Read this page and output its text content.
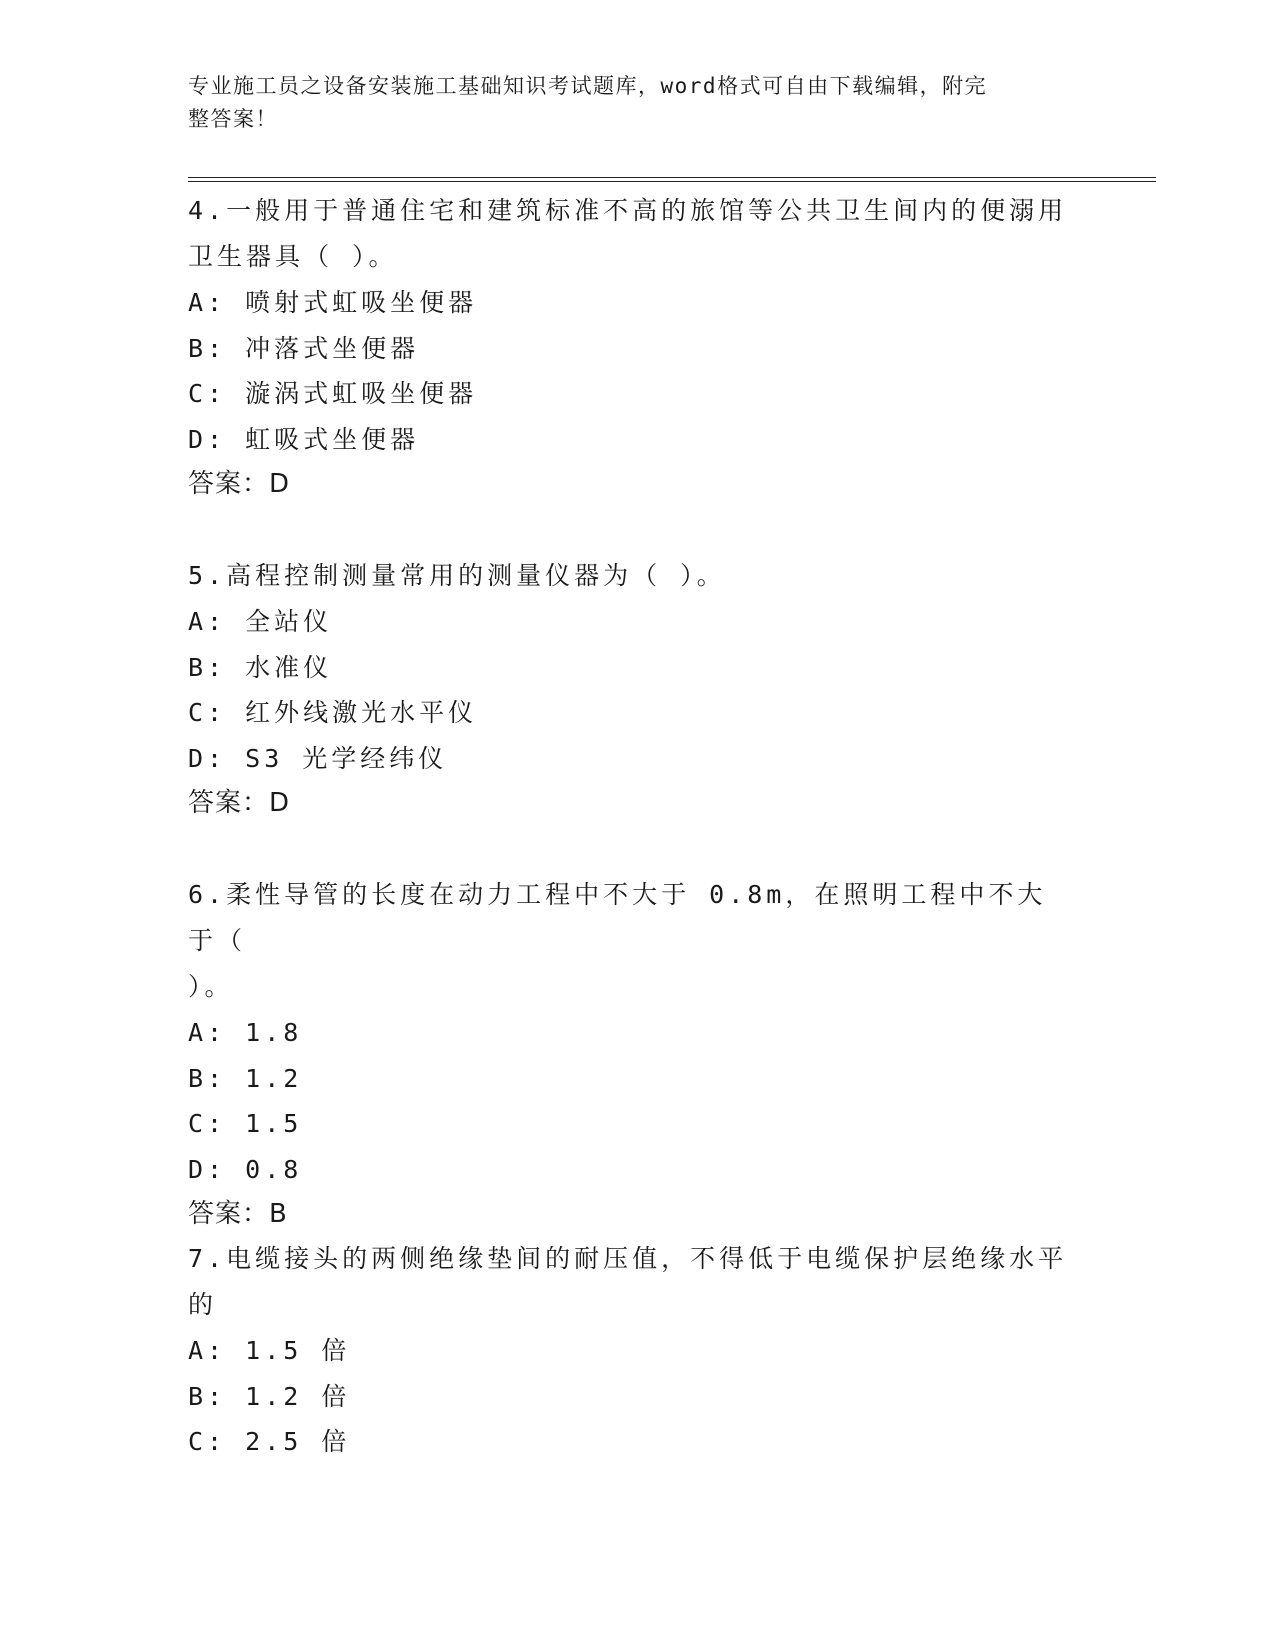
专业施工员之设备安装施工基础知识考试题库，word格式可自由下载编辑，附完
整答案！
4.一般用于普通住宅和建筑标准不高的旅馆等公共卫生间内的便溺用
卫生器具（ ）。
A: 喷射式虹吸坐便器
B: 冲落式坐便器
C: 漩涡式虹吸坐便器
D: 虹吸式坐便器
答案：D
5.高程控制测量常用的测量仪器为（ ）。
A: 全站仪
B: 水准仪
C: 红外线激光水平仪
D: S3 光学经纬仪
答案：D
6.柔性导管的长度在动力工程中不大于 0.8m，在照明工程中不大于（
）。
A: 1.8
B: 1.2
C: 1.5
D: 0.8
答案：B
7.电缆接头的两侧绝缘垫间的耐压值，不得低于电缆保护层绝缘水平
的
A: 1.5 倍
B: 1.2 倍
C: 2.5 倍
